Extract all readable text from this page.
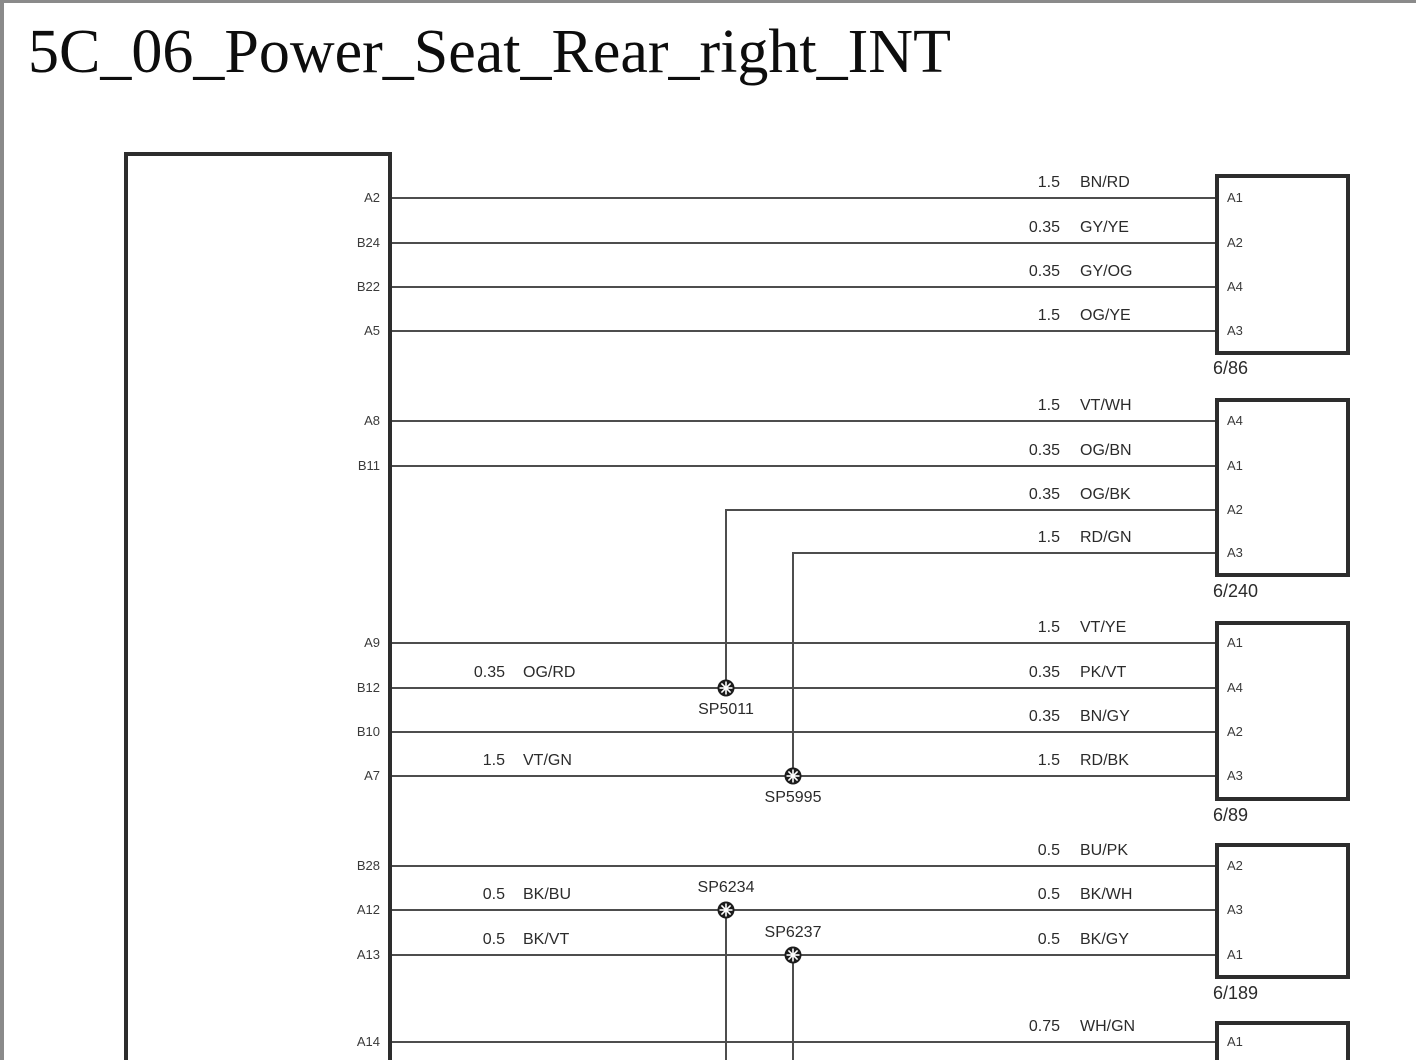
5C_06_Power_Seat_Rear_right_INT
A2
B24
B22
A5
A8
B11
A9
B12
B10
A7
B28
A12
A13
A14
SP5011
SP5995
SP6234
SP6237
1.5 BN/RD
0.35 GY/YE
0.35 GY/OG
1.5 OG/YE
1.5 VT/WH
0.35 OG/BN
0.35 OG/BK
1.5 RD/GN
1.5 VT/YE
0.35 PK/VT
0.35 BN/GY
1.5 RD/BK
0.5 BU/PK
0.5 BK/WH
0.5 BK/GY
0.75 WH/GN
0.35 OG/RD
1.5 VT/GN
0.5 BK/BU
0.5 BK/VT
6/86
6/240
6/89
6/189
A1
A2
A4
A3
A4
A1
A2
A3
A1
A4
A2
A3
A2
A3
A1
A1
